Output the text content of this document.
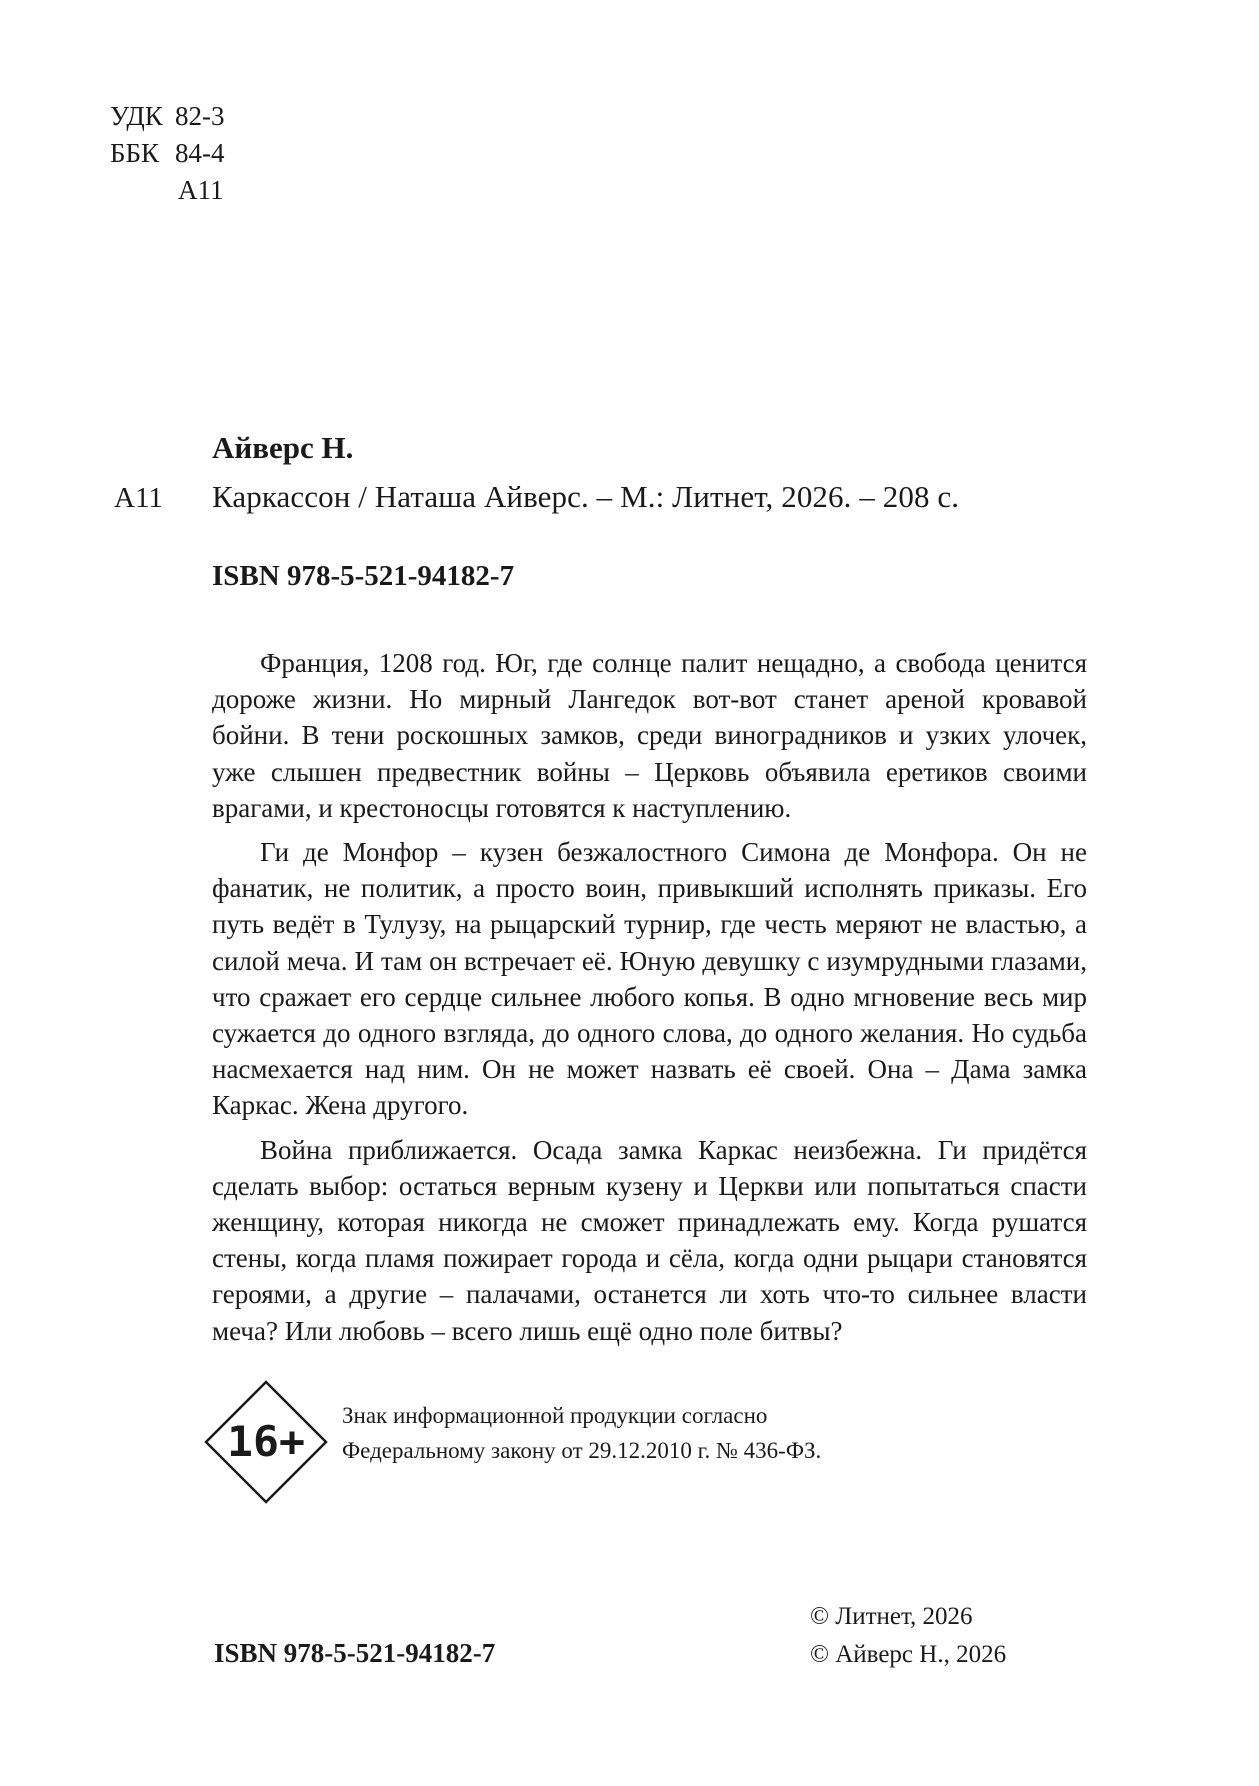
УДК 82-3
ББК 84-4
А11
Айверс Н.
А11 Каркассон / Наташа Айверс. – М.: Литнет, 2026. – 208 с.
ISBN 978-5-521-94182-7

Франция, 1208 год. Юг, где солнце палит нещадно, а свобода ценится дороже жизни. Но мирный Лангедок вот-вот станет ареной кровавой бойни. В тени роскошных замков, среди виноградников и узких улочек, уже слышен предвестник войны – Церковь объявила еретиков своими врагами, и крестоносцы готовятся к наступлению.

Ги де Монфор – кузен безжалостного Симона де Монфора. Он не фанатик, не политик, а просто воин, привыкший исполнять приказы. Его путь ведёт в Тулузу, на рыцарский турнир, где честь меряют не властью, а силой меча. И там он встречает её. Юную девушку с изумрудными глазами, что сражает его сердце сильнее любого копья. В одно мгновение весь мир сужается до одного взгляда, до одного слова, до одного желания. Но судьба насмехается над ним. Он не может назвать её своей. Она – Дама замка Каркас. Жена другого.

Война приближается. Осада замка Каркас неизбежна. Ги придётся сделать выбор: остаться верным кузену и Церкви или попытаться спасти женщину, которая никогда не сможет принадлежать ему. Когда рушатся стены, когда пламя пожирает города и сёла, когда одни рыцари становятся героями, а другие – палачами, останется ли хоть что-то сильнее власти меча? Или любовь – всего лишь ещё одно поле битвы?

16+
Знак информационной продукции согласно
Федеральному закону от 29.12.2010 г. № 436-ФЗ.
© Литнет, 2026
© Айверс Н., 2026
ISBN 978-5-521-94182-7
